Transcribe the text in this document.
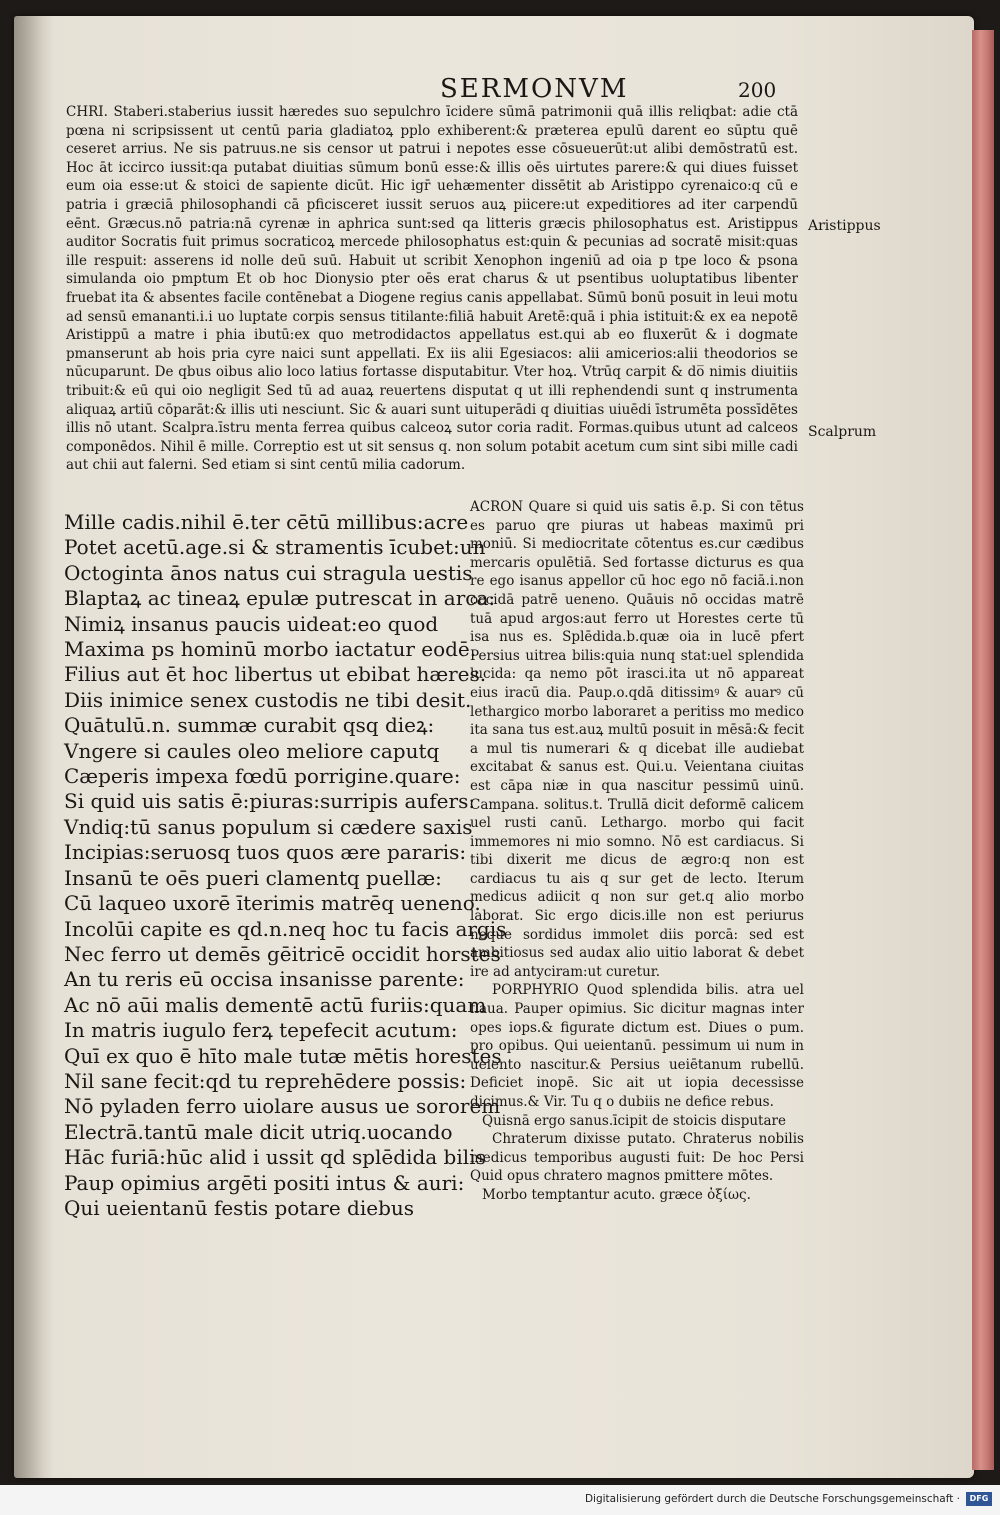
SERMONVM	200

CHRI. Staberi.staberius iussit hæredes suo sepulchro īcidere sūmā patrimonii quā illis reliqbat: adie ctā pœna ni scripsissent ut centū paria gladiatoꝝ pplo exhiberent:& præterea epulū darent eo sūptu quē ceseret arrius. Ne sis patruus.ne sis censor ut patrui i nepotes esse cōsueuerūt:ut alibi demōstratū est. Hoc āt iccirco iussit:qa putabat diuitias sūmum bonū esse:& illis oēs uirtutes parere:& qui diues fuisset eum oia esse:ut & stoici de sapiente dicūt. Hic igr̄ uehæmenter dissētit ab Aristippo cyrenaico:q cū e patria i græciā philosophandi cā pficisceret iussit seruos auꝝ piicere:ut expeditiores ad iter carpendū eēnt. Græcus.nō patria:nā cyrenæ in aphrica sunt:sed qa litteris græcis philosophatus est. Aristippus auditor Socratis fuit primus socraticoꝝ mercede philosophatus est:quin & pecunias ad socratē misit:quas ille respuit: asserens id nolle deū suū. Habuit ut scribit Xenophon ingeniū ad oia p tpe loco & psona simulanda oio pmptum Et ob hoc Dionysio pter oēs erat charus & ut psentibus uoluptatibus libenter fruebat ita & absentes facile contēnebat a Diogene regius canis appellabat. Sūmū bonū posuit in leui motu ad sensū emananti.i.i uo luptate corpis sensus titilante:filiā habuit Aretē:quā i phia istituit:& ex ea nepotē Aristippū a matre i phia ibutū:ex quo metrodidactos appellatus est.qui ab eo fluxerūt & i dogmate pmanserunt ab hois pria cyre naici sunt appellati. Ex iis alii Egesiacos: alii amicerios:alii theodorios se nūcuparunt. De qbus oibus alio loco latius fortasse disputabitur. Vter hoꝝ. Vtrūq carpit & do̅ nimis diuitiis tribuit:& eū qui oio negligit Sed tū ad auaꝝ reuertens disputat q ut illi rephendendi sunt q instrumenta aliquaꝝ artiū cōparāt:& illis uti nesciunt. Sic & auari sunt uituperādi q diuitias uiuēdi īstrumēta possīdētes illis nō utant. Scalpra.īstru menta ferrea quibus calceoꝝ sutor coria radit. Formas.quibus utunt ad calceos componēdos. Nihil ē mille. Correptio est ut sit sensus q. non solum potabit acetum cum sint sibi mille cadi aut chii aut falerni. Sed etiam si sint centū milia cadorum.

Aristippus
Scalprum
Mille cadis.nihil ē.ter cētū millibus:acre
Potet acetū.age.si & stramentis īcubet:un
Octoginta ānos natus cui stragula uestis
Blaptaꝝ ac tineaꝝ epulæ putrescat in arca:
Nimiꝝ insanus paucis uideat:eo quod
Maxima ps hominū morbo iactatur eodē.
Filius aut ēt hoc libertus ut ebibat hæres.
Diis inimice senex custodis ne tibi desit.
Quātulū.n. summæ curabit qsq dieꝝ:
Vngere si caules oleo meliore caputq
Cæperis impexa fœdū porrigine.quare:
Si quid uis satis ē:piuras:surripis aufers:
Vndiq:tū sanus populum si cædere saxis
Incipias:seruosq tuos quos ære pararis:
Insanū te oēs pueri clamentq puellæ:
Cū laqueo uxorē īterimis matrēq ueneno.
Incolūi capite es qd.n.neq hoc tu facis argis
Nec ferro ut demēs gēitricē occidit horstes
An tu reris eū occisa insanisse parente:
Ac nō aūi malis dementē actū furiis:quam
In matris iugulo ferꝝ tepefecit acutum:
Quī ex quo ē hīto male tutæ mētis horestes
Nil sane fecit:qd tu reprehēdere possis:
Nō pyladen ferro uiolare ausus ue sororem
Electrā.tantū male dicit utriq.uocando
Hāc furiā:hūc alid i ussit qd splēdida bilis
Paup opimius argēti positi intus & auri:
Qui ueientanū festis potare diebus

ACRON Quare si quid uis satis ē.p. Si con tētus es paruo qre piuras ut habeas maximū pri moniū. Si mediocritate cōtentus es.cur cædibus mercaris opulētiā. Sed fortasse dicturus es qua re ego isanus appellor cū hoc ego nō faciā.i.non occidā patrē ueneno. Quāuis nō occidas matrē tuā apud argos:aut ferro ut Horestes certe tū isa nus es. Splēdida.b.quæ oia in lucē pfert Persius uitrea bilis:quia nunq stat:uel splendida lucida: qa nemo pōt irasci.ita ut nō appareat eius iracū dia. Paup.o.qdā ditissimꝰ & auarꝰ cū lethargico morbo laboraret a peritiss mo medico ita sana tus est.auꝝ multū posuit in mēsā:& fecit a mul tis numerari & q dicebat ille audiebat excitabat & sanus est. Qui.u. Veientana ciuitas est cāpa niæ in qua nascitur pessimū uinū. Campana. solitus.t. Trullā dicit deformē calicem uel rusti canū. Lethargo. morbo qui facit immemores ni mio somno. Nō est cardiacus. Si tibi dixerit me dicus de ægro:q non est cardiacus tu ais q sur get de lecto. Iterum medicus adiicit q non sur get.q alio morbo laborat. Sic ergo dicis.ille non est periurus neque sordidus immolet diis porcā: sed est ambitiosus sed audax alio uitio laborat & debet ire ad antyciram:ut curetur.

PORPHYRIO Quod splendida bilis. atra uel flaua. Pauper opimius. Sic dicitur magnas inter opes iops.& figurate dictum est. Diues o pum. pro opibus. Qui ueientanū. pessimum ui num in ueiento nascitur.& Persius ueiētanum rubellū. Deficiet inopē. Sic ait ut iopia decessisse dicimus.& Vir. Tu q o dubiis ne defice rebus.

Quisnā ergo sanus.īcipit de stoicis disputare

Chraterum dixisse putato. Chraterus nobilis medicus temporibus augusti fuit: De hoc Persi Quid opus chratero magnos pmittere mōtes.

Morbo temptantur acuto. græce ὀξίως.

Digitalisierung gefördert durch die Deutsche Forschungsgemeinschaft ·	DFG
